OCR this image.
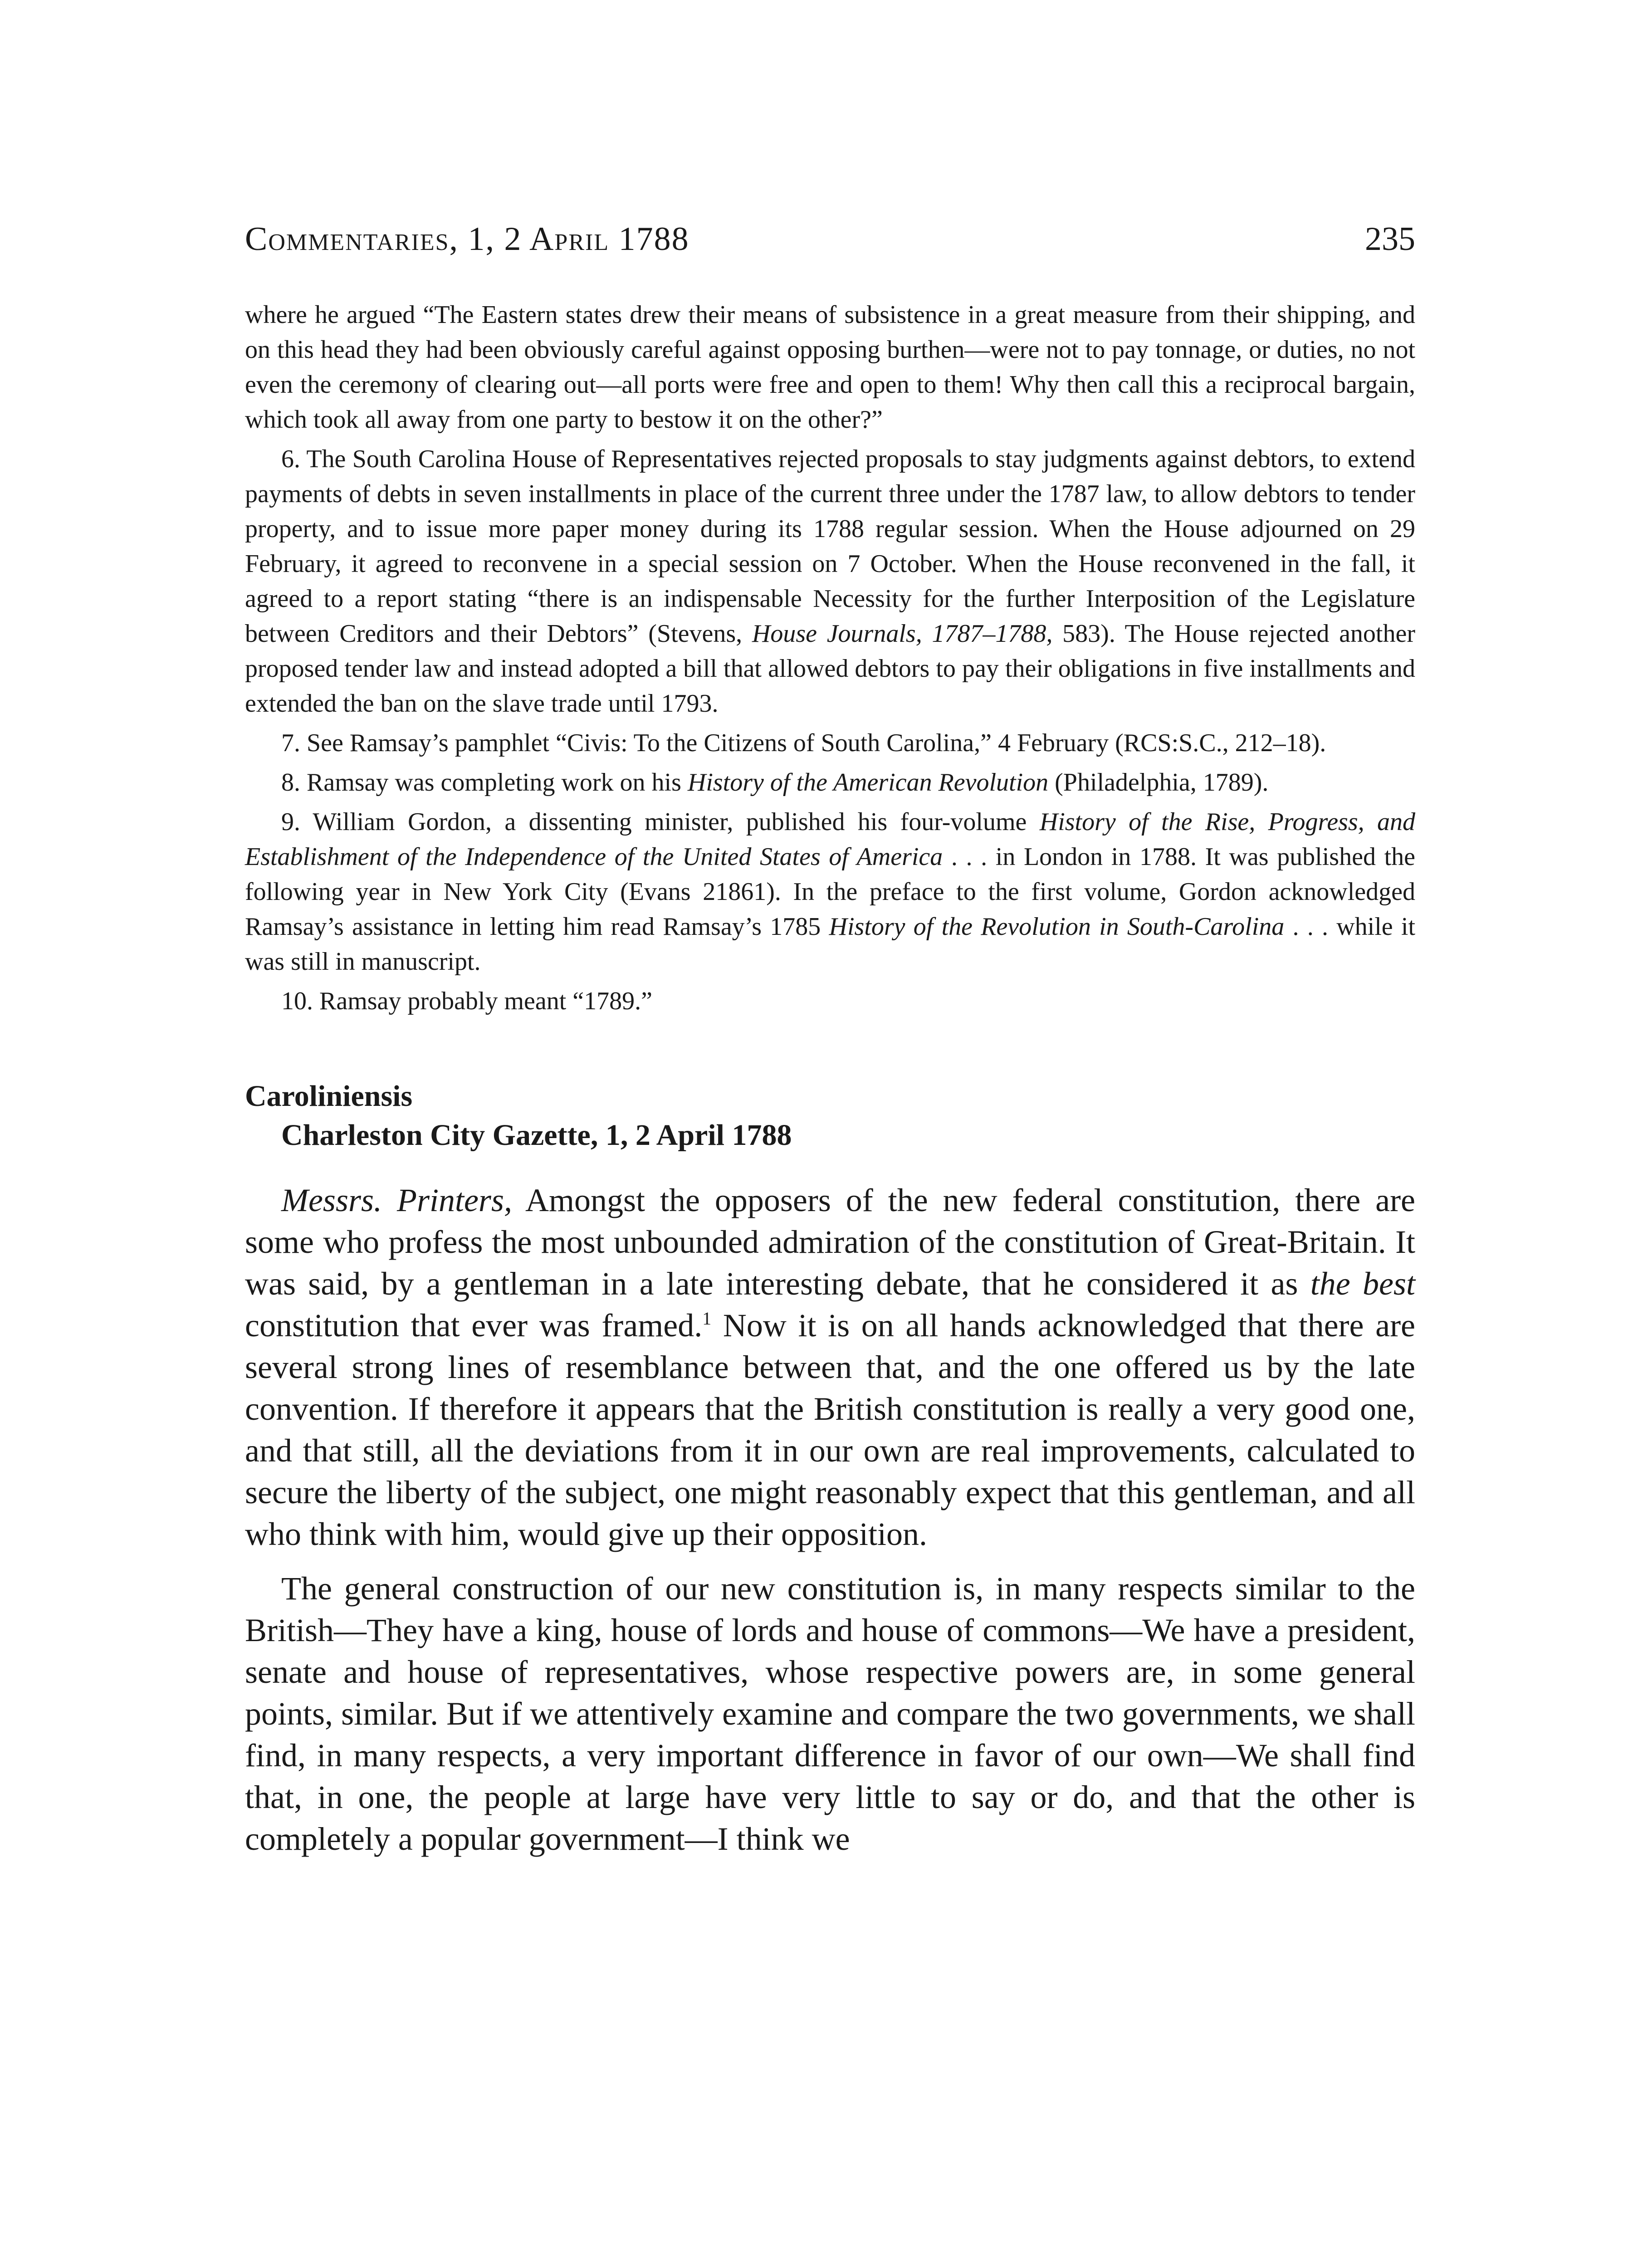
Commentaries, 1, 2 April 1788	235

where he argued “The Eastern states drew their means of subsistence in a great measure from their shipping, and on this head they had been obviously careful against opposing burthen—were not to pay tonnage, or duties, no not even the ceremony of clearing out—all ports were free and open to them! Why then call this a reciprocal bargain, which took all away from one party to bestow it on the other?”

6. The South Carolina House of Representatives rejected proposals to stay judgments against debtors, to extend payments of debts in seven installments in place of the current three under the 1787 law, to allow debtors to tender property, and to issue more paper money during its 1788 regular session. When the House adjourned on 29 February, it agreed to reconvene in a special session on 7 October. When the House reconvened in the fall, it agreed to a report stating “there is an indispensable Necessity for the further Interposition of the Legislature between Creditors and their Debtors” (Stevens, House Journals, 1787–1788, 583). The House rejected another proposed tender law and instead adopted a bill that allowed debtors to pay their obligations in five installments and extended the ban on the slave trade until 1793.

7. See Ramsay’s pamphlet “Civis: To the Citizens of South Carolina,” 4 February (RCS:S.C., 212–18).

8. Ramsay was completing work on his History of the American Revolution (Philadelphia, 1789).

9. William Gordon, a dissenting minister, published his four-volume History of the Rise, Progress, and Establishment of the Independence of the United States of America . . . in London in 1788. It was published the following year in New York City (Evans 21861). In the preface to the first volume, Gordon acknowledged Ramsay’s assistance in letting him read Ramsay’s 1785 History of the Revolution in South-Carolina . . . while it was still in manuscript.

10. Ramsay probably meant “1789.”

Caroliniensis
Charleston City Gazette, 1, 2 April 1788

Messrs. Printers, Amongst the opposers of the new federal constitution, there are some who profess the most unbounded admiration of the constitution of Great-Britain. It was said, by a gentleman in a late interesting debate, that he considered it as the best constitution that ever was framed.$^1$ Now it is on all hands acknowledged that there are several strong lines of resemblance between that, and the one offered us by the late convention. If therefore it appears that the British constitution is really a very good one, and that still, all the deviations from it in our own are real improvements, calculated to secure the liberty of the subject, one might reasonably expect that this gentleman, and all who think with him, would give up their opposition.

The general construction of our new constitution is, in many respects similar to the British—They have a king, house of lords and house of commons—We have a president, senate and house of representatives, whose respective powers are, in some general points, similar. But if we attentively examine and compare the two governments, we shall find, in many respects, a very important difference in favor of our own—We shall find that, in one, the people at large have very little to say or do, and that the other is completely a popular government—I think we
